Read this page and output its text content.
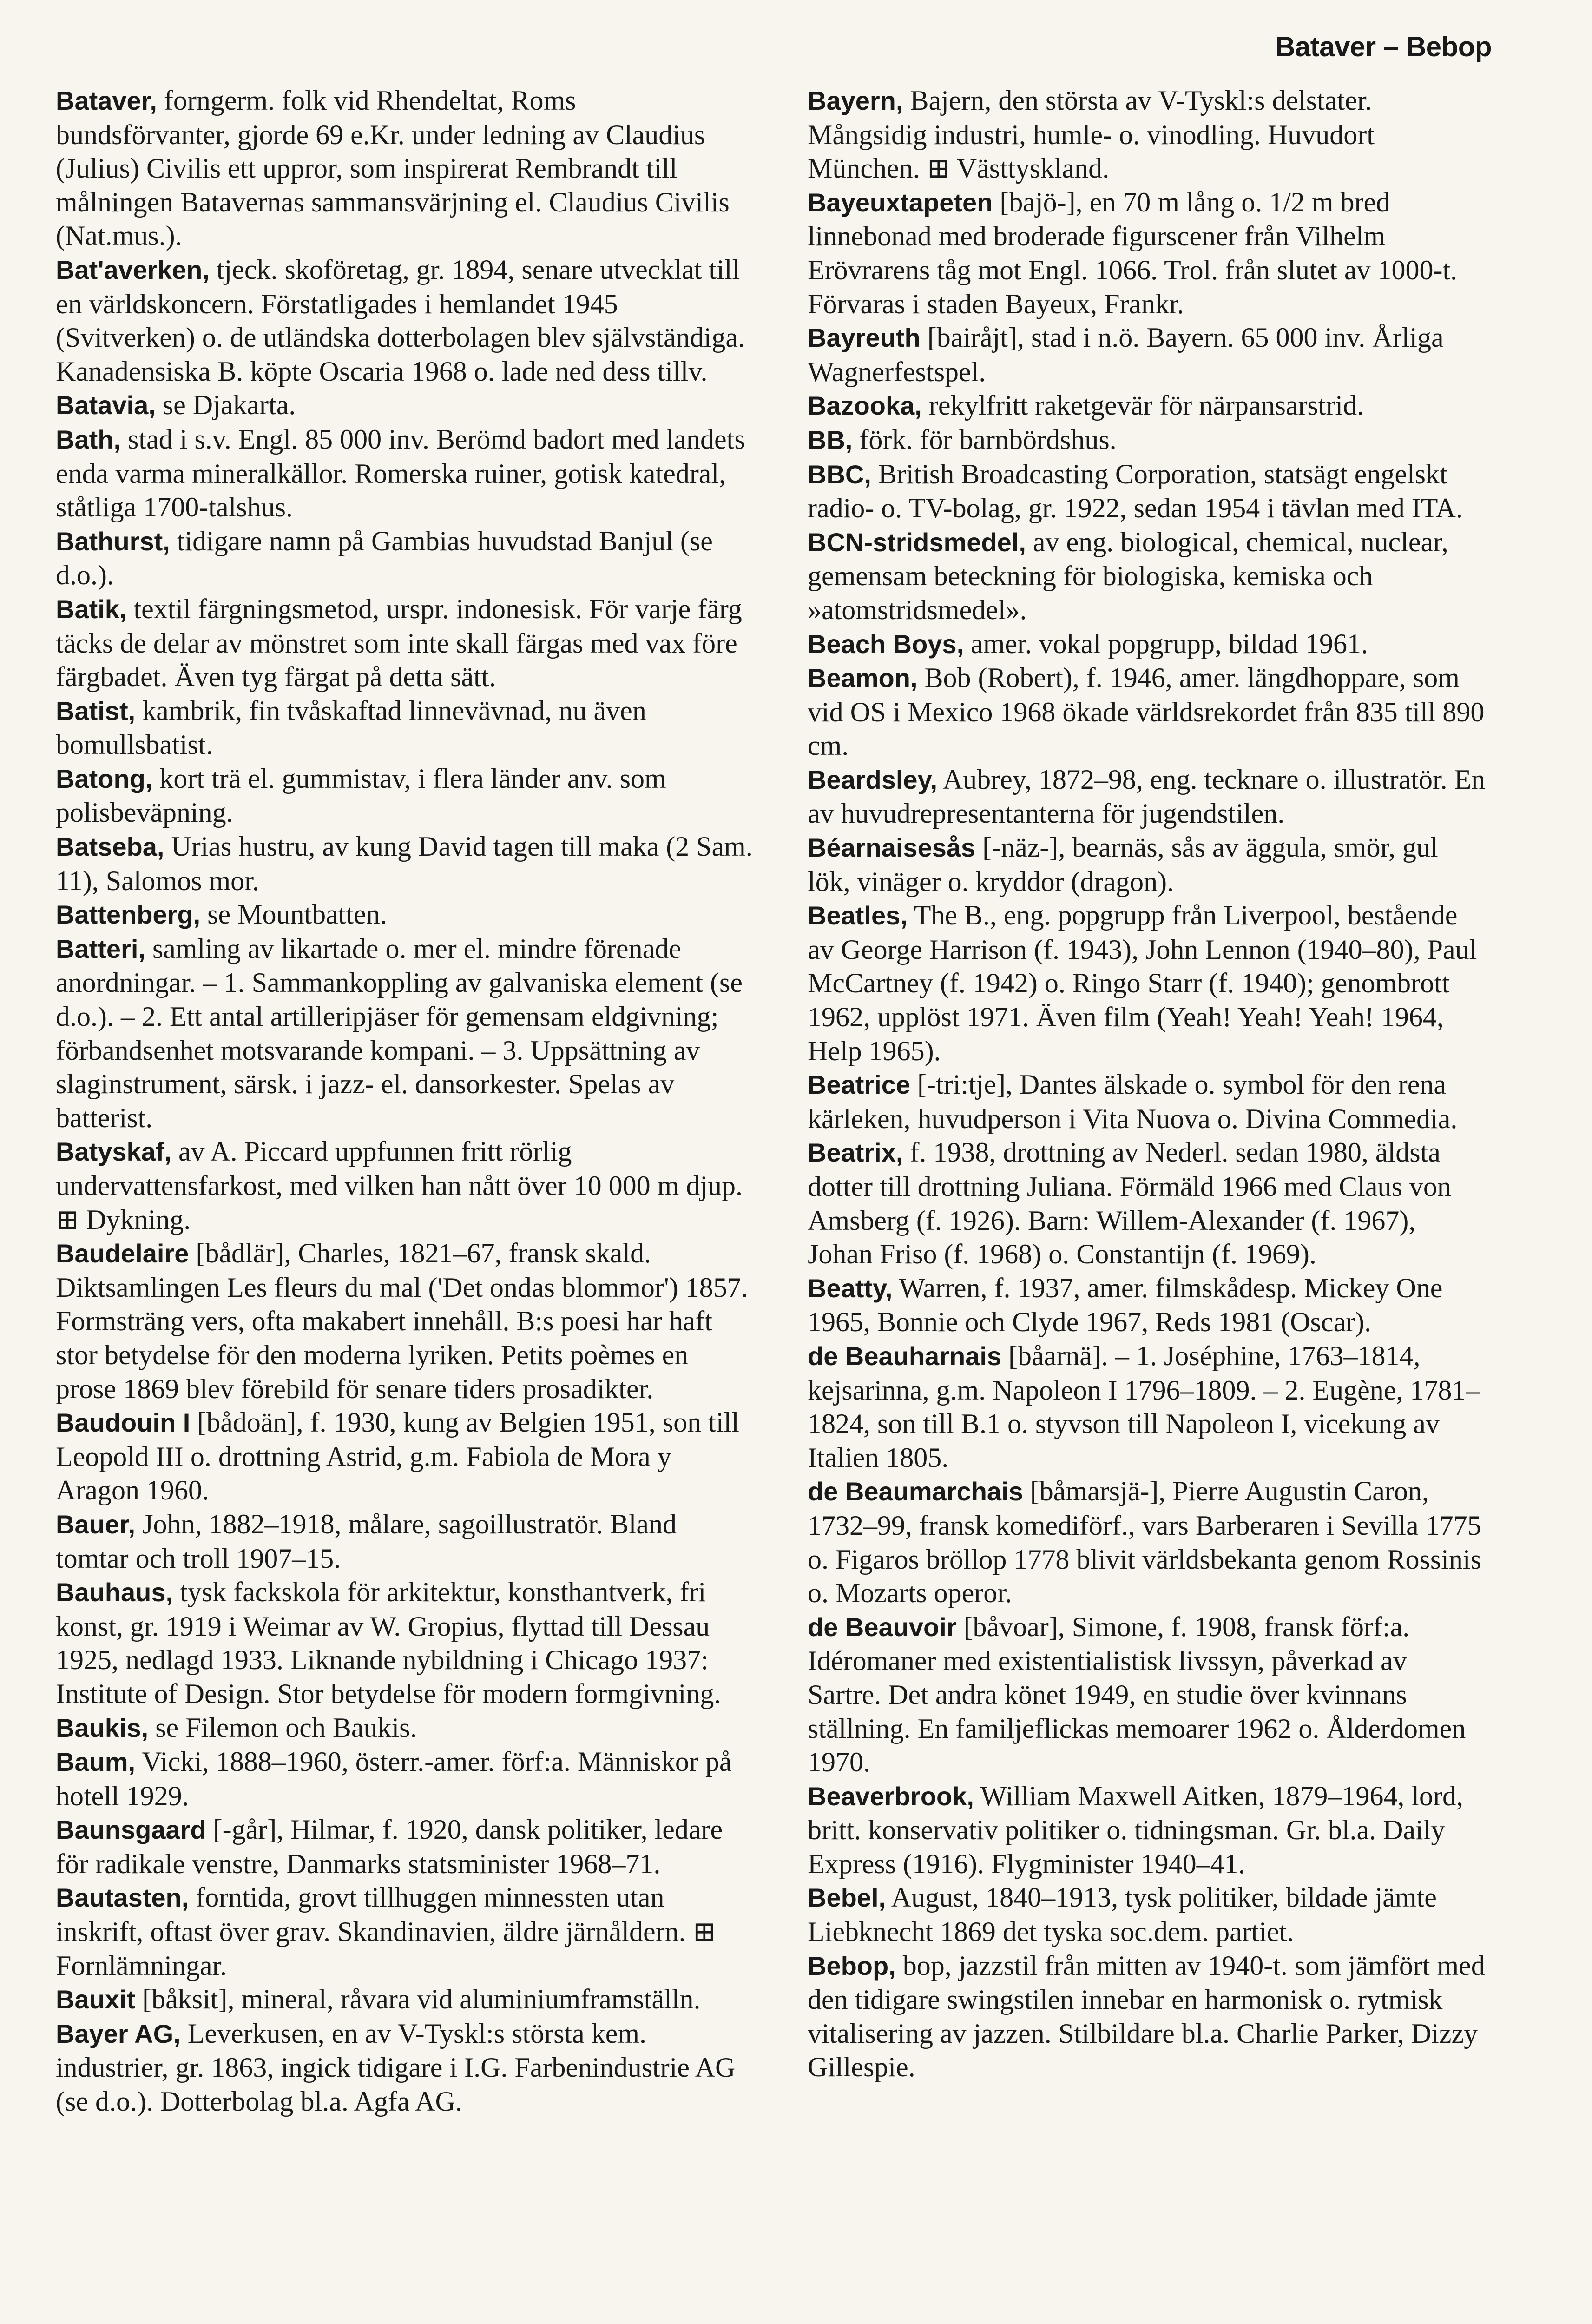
Bataver – Bebop

Bataver, forngerm. folk vid Rhendeltat, Roms bundsförvanter, gjorde 69 e.Kr. under ledning av Claudius (Julius) Civilis ett uppror, som inspirerat Rembrandt till målningen Batavernas sammansvärjning el. Claudius Civilis (Nat.mus.).

Bat'averken, tjeck. skoföretag, gr. 1894, senare utvecklat till en världskoncern. Förstatligades i hemlandet 1945 (Svitverken) o. de utländska dotterbolagen blev självständiga. Kanadensiska B. köpte Oscaria 1968 o. lade ned dess tillv.

Batavia, se Djakarta.

Bath, stad i s.v. Engl. 85 000 inv. Berömd badort med landets enda varma mineralkällor. Romerska ruiner, gotisk katedral, ståtliga 1700-talshus.

Bathurst, tidigare namn på Gambias huvudstad Banjul (se d.o.).

Batik, textil färgningsmetod, urspr. indonesisk. För varje färg täcks de delar av mönstret som inte skall färgas med vax före färgbadet. Även tyg färgat på detta sätt.

Batist, kambrik, fin tvåskaftad linnevävnad, nu även bomullsbatist.

Batong, kort trä el. gummistav, i flera länder anv. som polisbeväpning.

Batseba, Urias hustru, av kung David tagen till maka (2 Sam. 11), Salomos mor.

Battenberg, se Mountbatten.

Batteri, samling av likartade o. mer el. mindre förenade anordningar. – 1. Sammankoppling av galvaniska element (se d.o.). – 2. Ett antal artilleripjäser för gemensam eldgivning; förbandsenhet motsvarande kompani. – 3. Uppsättning av slaginstrument, särsk. i jazz- el. dansorkester. Spelas av batterist.

Batyskaf, av A. Piccard uppfunnen fritt rörlig undervattensfarkost, med vilken han nått över 10 000 m djup. ⊞ Dykning.

Baudelaire [bådlär], Charles, 1821–67, fransk skald. Diktsamlingen Les fleurs du mal ('Det ondas blommor') 1857. Formsträng vers, ofta makabert innehåll. B:s poesi har haft stor betydelse för den moderna lyriken. Petits poèmes en prose 1869 blev förebild för senare tiders prosadikter.

Baudouin I [bådoän], f. 1930, kung av Belgien 1951, son till Leopold III o. drottning Astrid, g.m. Fabiola de Mora y Aragon 1960.

Bauer, John, 1882–1918, målare, sagoillustratör. Bland tomtar och troll 1907–15.

Bauhaus, tysk fackskola för arkitektur, konsthantverk, fri konst, gr. 1919 i Weimar av W. Gropius, flyttad till Dessau 1925, nedlagd 1933. Liknande nybildning i Chicago 1937: Institute of Design. Stor betydelse för modern formgivning.

Baukis, se Filemon och Baukis.

Baum, Vicki, 1888–1960, österr.-amer. förf:a. Människor på hotell 1929.

Baunsgaard [-går], Hilmar, f. 1920, dansk politiker, ledare för radikale venstre, Danmarks statsminister 1968–71.

Bautasten, forntida, grovt tillhuggen minnessten utan inskrift, oftast över grav. Skandinavien, äldre järnåldern. ⊞ Fornlämningar.

Bauxit [båksit], mineral, råvara vid aluminiumframställn.

Bayer AG, Leverkusen, en av V-Tyskl:s största kem. industrier, gr. 1863, ingick tidigare i I.G. Farbenindustrie AG (se d.o.). Dotterbolag bl.a. Agfa AG.

Bayern, Bajern, den största av V-Tyskl:s delstater. Mångsidig industri, humle- o. vinodling. Huvudort München. ⊞ Västtyskland.

Bayeuxtapeten [bajö-], en 70 m lång o. 1/2 m bred linnebonad med broderade figurscener från Vilhelm Erövrarens tåg mot Engl. 1066. Trol. från slutet av 1000-t. Förvaras i staden Bayeux, Frankr.

Bayreuth [bairåjt], stad i n.ö. Bayern. 65 000 inv. Årliga Wagnerfestspel.

Bazooka, rekylfritt raketgevär för närpansarstrid.

BB, förk. för barnbördshus.

BBC, British Broadcasting Corporation, statsägt engelskt radio- o. TV-bolag, gr. 1922, sedan 1954 i tävlan med ITA.

BCN-stridsmedel, av eng. biological, chemical, nuclear, gemensam beteckning för biologiska, kemiska och »atomstridsmedel».

Beach Boys, amer. vokal popgrupp, bildad 1961.

Beamon, Bob (Robert), f. 1946, amer. längdhoppare, som vid OS i Mexico 1968 ökade världsrekordet från 835 till 890 cm.

Beardsley, Aubrey, 1872–98, eng. tecknare o. illustratör. En av huvudrepresentanterna för jugendstilen.

Béarnaisesås [-näz-], bearnäs, sås av äggula, smör, gul lök, vinäger o. kryddor (dragon).

Beatles, The B., eng. popgrupp från Liverpool, bestående av George Harrison (f. 1943), John Lennon (1940–80), Paul McCartney (f. 1942) o. Ringo Starr (f. 1940); genombrott 1962, upplöst 1971. Även film (Yeah! Yeah! Yeah! 1964, Help 1965).

Beatrice [-tri:tje], Dantes älskade o. symbol för den rena kärleken, huvudperson i Vita Nuova o. Divina Commedia.

Beatrix, f. 1938, drottning av Nederl. sedan 1980, äldsta dotter till drottning Juliana. Förmäld 1966 med Claus von Amsberg (f. 1926). Barn: Willem-Alexander (f. 1967), Johan Friso (f. 1968) o. Constantijn (f. 1969).

Beatty, Warren, f. 1937, amer. filmskådesp. Mickey One 1965, Bonnie och Clyde 1967, Reds 1981 (Oscar).

de Beauharnais [båarnä]. – 1. Joséphine, 1763–1814, kejsarinna, g.m. Napoleon I 1796–1809. – 2. Eugène, 1781–1824, son till B.1 o. styvson till Napoleon I, vicekung av Italien 1805.

de Beaumarchais [båmarsjä-], Pierre Augustin Caron, 1732–99, fransk komediförf., vars Barberaren i Sevilla 1775 o. Figaros bröllop 1778 blivit världsbekanta genom Rossinis o. Mozarts operor.

de Beauvoir [båvoar], Simone, f. 1908, fransk förf:a. Idéromaner med existentialistisk livssyn, påverkad av Sartre. Det andra könet 1949, en studie över kvinnans ställning. En familjeflickas memoarer 1962 o. Ålderdomen 1970.

Beaverbrook, William Maxwell Aitken, 1879–1964, lord, britt. konservativ politiker o. tidningsman. Gr. bl.a. Daily Express (1916). Flygminister 1940–41.

Bebel, August, 1840–1913, tysk politiker, bildade jämte Liebknecht 1869 det tyska soc.dem. partiet.

Bebop, bop, jazzstil från mitten av 1940-t. som jämfört med den tidigare swingstilen innebar en harmonisk o. rytmisk vitalisering av jazzen. Stilbildare bl.a. Charlie Parker, Dizzy Gillespie.
